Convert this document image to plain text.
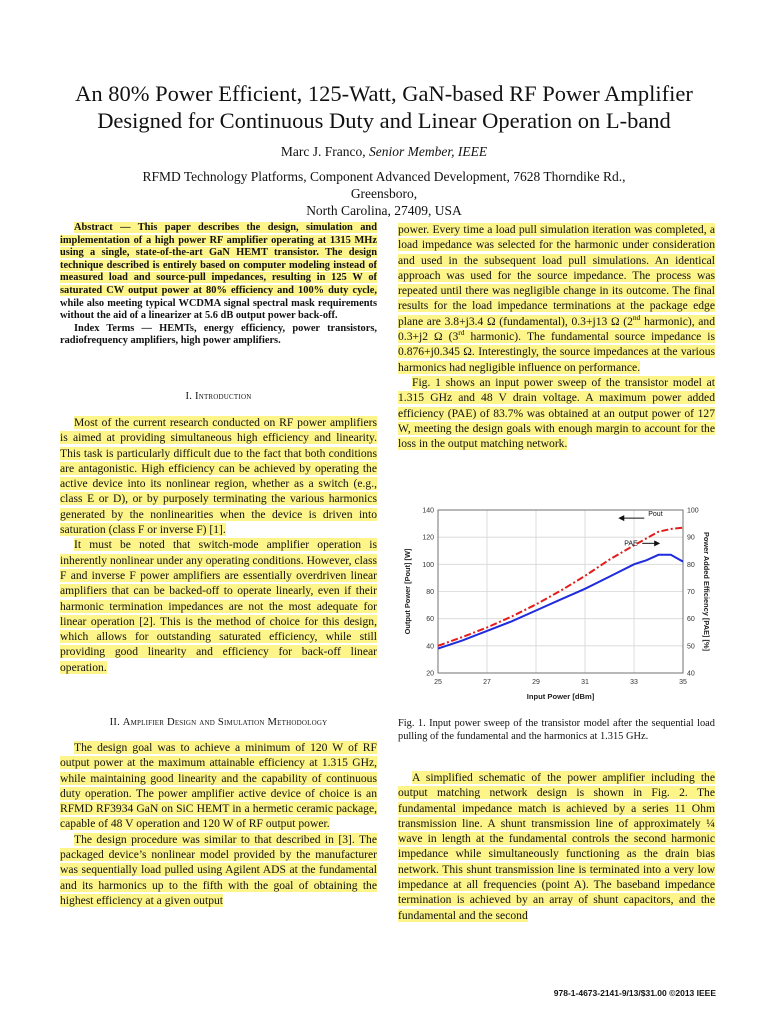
An 80% Power Efficient, 125-Watt, GaN-based RF Power Amplifier
Designed for Continuous Duty and Linear Operation on L-band
Marc J. Franco, Senior Member, IEEE
RFMD Technology Platforms, Component Advanced Development, 7628 Thorndike Rd., Greensboro,
North Carolina, 27409, USA

Abstract — This paper describes the design, simulation and implementation of a high power RF amplifier operating at 1315 MHz using a single, state-of-the-art GaN HEMT transistor. The design technique described is entirely based on computer modeling instead of measured load and source-pull impedances, resulting in 125 W of saturated CW output power at 80% efficiency and 100% duty cycle, while also meeting typical WCDMA signal spectral mask requirements without the aid of a linearizer at 5.6 dB output power back-off.

Index Terms — HEMTs, energy efficiency, power transistors, radiofrequency amplifiers, high power amplifiers.

I. Introduction

Most of the current research conducted on RF power amplifiers is aimed at providing simultaneous high efficiency and linearity. This task is particularly difficult due to the fact that both conditions are antagonistic. High efficiency can be achieved by operating the active device into its nonlinear region, whether as a switch (e.g., class E or D), or by purposely terminating the various harmonics generated by the nonlinearities when the device is driven into saturation (class F or inverse F) [1].

It must be noted that switch-mode amplifier operation is inherently nonlinear under any operating conditions. However, class F and inverse F power amplifiers are essentially overdriven linear amplifiers that can be backed-off to operate linearly, even if their harmonic termination impedances are not the most adequate for linear operation [2]. This is the method of choice for this design, which allows for outstanding saturated efficiency, while still providing good linearity and efficiency for back-off linear operation.

II. Amplifier Design and Simulation Methodology

The design goal was to achieve a minimum of 120 W of RF output power at the maximum attainable efficiency at 1.315 GHz, while maintaining good linearity and the capability of continuous duty operation. The power amplifier active device of choice is an RFMD RF3934 GaN on SiC HEMT in a hermetic ceramic package, capable of 48 V operation and 120 W of RF output power.

The design procedure was similar to that described in [3]. The packaged device’s nonlinear model provided by the manufacturer was sequentially load pulled using Agilent ADS at the fundamental and its harmonics up to the fifth with the goal of obtaining the highest efficiency at a given output

power. Every time a load pull simulation iteration was completed, a load impedance was selected for the harmonic under consideration and used in the subsequent load pull simulations. An identical approach was used for the source impedance. The process was repeated until there was negligible change in its outcome. The final results for the load impedance terminations at the package edge plane are 3.8+j3.4 Ω (fundamental), 0.3+j13 Ω (2nd harmonic), and 0.3+j2 Ω (3rd harmonic). The fundamental source impedance is 0.876+j0.345 Ω. Interestingly, the source impedances at the various harmonics had negligible influence on performance.

Fig. 1 shows an input power sweep of the transistor model at 1.315 GHz and 48 V drain voltage. A maximum power added efficiency (PAE) of 83.7% was obtained at an output power of 127 W, meeting the design goals with enough margin to account for the loss in the output matching network.

25	27	29	31	33	35
20
40
60
80
100
120
140
40
50
60
70
80
90
100
Input Power [dBm]
Output Power [Pout] [W]	Power Added Efficiency [PAE] [%]
Pout
PAE
Fig. 1. Input power sweep of the transistor model after the sequential load pulling of the fundamental and the harmonics at 1.315 GHz.

A simplified schematic of the power amplifier including the output matching network design is shown in Fig. 2. The fundamental impedance match is achieved by a series 11 Ohm transmission line. A shunt transmission line of approximately ¼ wave in length at the fundamental controls the second harmonic impedance while simultaneously functioning as the drain bias network. This shunt transmission line is terminated into a very low impedance at all frequencies (point A). The baseband impedance termination is achieved by an array of shunt capacitors, and the fundamental and the second

978-1-4673-2141-9/13/$31.00 ©2013 IEEE
